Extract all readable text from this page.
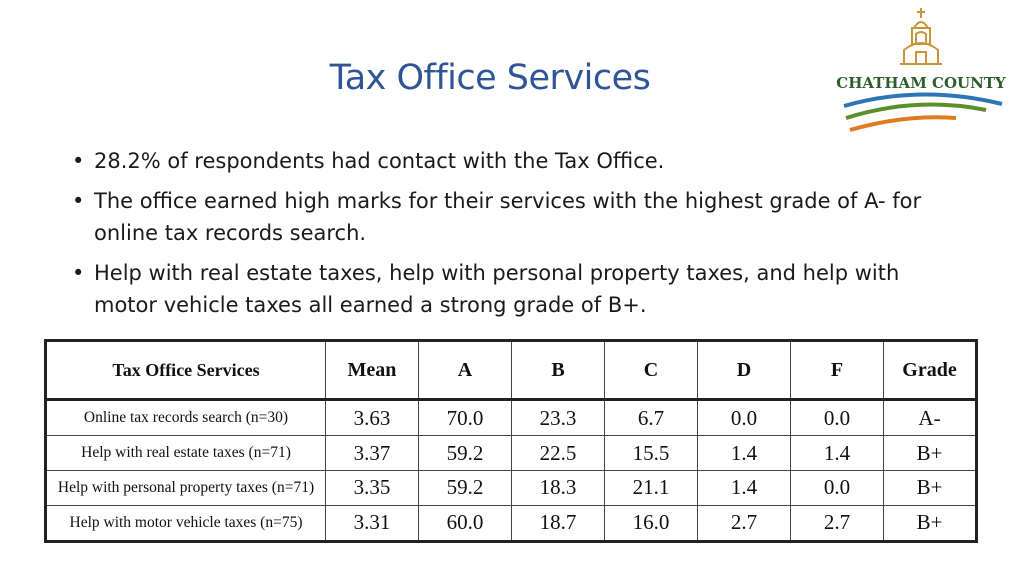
Tax Office Services	CHATHAM COUNTY
• 28.2% of respondents had contact with the Tax Office.
• The office earned high marks for their services with the highest grade of A- for online tax records search.
• Help with real estate taxes, help with personal property taxes, and help with motor vehicle taxes all earned a strong grade of B+.
Tax Office Services	Mean	A	B	C	D	F	Grade
Online tax records search (n=30)	3.63	70.0	23.3	6.7	0.0	0.0	A-
Help with real estate taxes (n=71)	3.37	59.2	22.5	15.5	1.4	1.4	B+
Help with personal property taxes (n=71)	3.35	59.2	18.3	21.1	1.4	0.0	B+
Help with motor vehicle taxes (n=75)	3.31	60.0	18.7	16.0	2.7	2.7	B+
